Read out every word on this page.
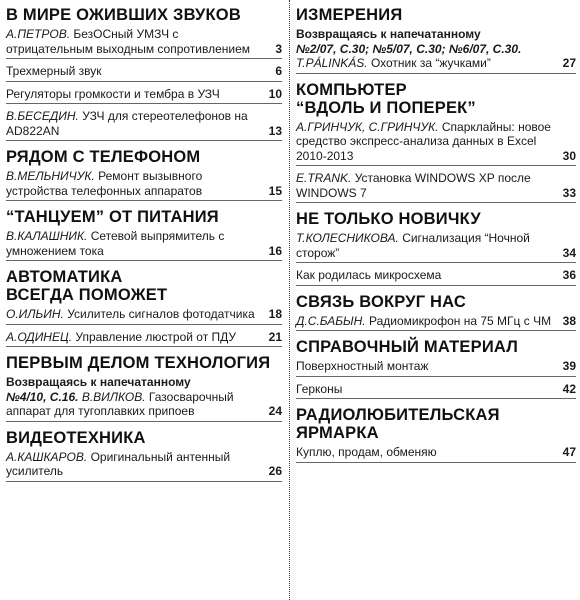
В МИРЕ ОЖИВШИХ ЗВУКОВ
А.ПЕТРОВ. БезОСный УМЗЧ с отрицательным выходным сопротивлением 3
Трехмерный звук	6
Регуляторы громкости и тембра в УЗЧ	10
В.БЕСЕДИН. УЗЧ для стереотелефонов на AD822AN	13
РЯДОМ С ТЕЛЕФОНОМ
В.МЕЛЬНИЧУК. Ремонт вызывного устройства телефонных аппаратов	15
“ТАНЦУЕМ” ОТ ПИТАНИЯ
В.КАЛАШНИК. Сетевой выпрямитель с умножением тока	16
АВТОМАТИКА
ВСЕГДА ПОМОЖЕТ
О.ИЛЬИН. Усилитель сигналов фотодатчика 18
А.ОДИНЕЦ. Управление люстрой от ПДУ	21
ПЕРВЫМ ДЕЛОМ ТЕХНОЛОГИЯ
Возвращаясь к напечатанному
№4/10, С.16. В.ВИЛКОВ. Газосварочный аппарат для тугоплавких припоев	24
ВИДЕОТЕХНИКА
А.КАШКАРОВ. Оригинальный антенный усилитель	26
ИЗМЕРЕНИЯ
Возвращаясь к напечатанному
№2/07, С.30; №5/07, С.30; №6/07, С.30. T.PÁLINKÁS. Охотник за “жучками”	27
КОМПЬЮТЕР
“ВДОЛЬ И ПОПЕРЕК”
А.ГРИНЧУК, С.ГРИНЧУК. Спарклайны: новое средство экспресс-анализа данных в Excel 2010-2013	30
E.TRANK. Установка WINDOWS XP после WINDOWS 7	33
НЕ ТОЛЬКО НОВИЧКУ
Т.КОЛЕСНИКОВА. Сигнализация “Ночной сторож”	34
Как родилась микросхема	36
СВЯЗЬ ВОКРУГ НАС
Д.С.БАБЫН. Радиомикрофон на 75 МГц с ЧМ 38
СПРАВОЧНЫЙ МАТЕРИАЛ
Поверхностный монтаж	39
Герконы	42
РАДИОЛЮБИТЕЛЬСКАЯ
ЯРМАРКА
Куплю, продам, обменяю	47
